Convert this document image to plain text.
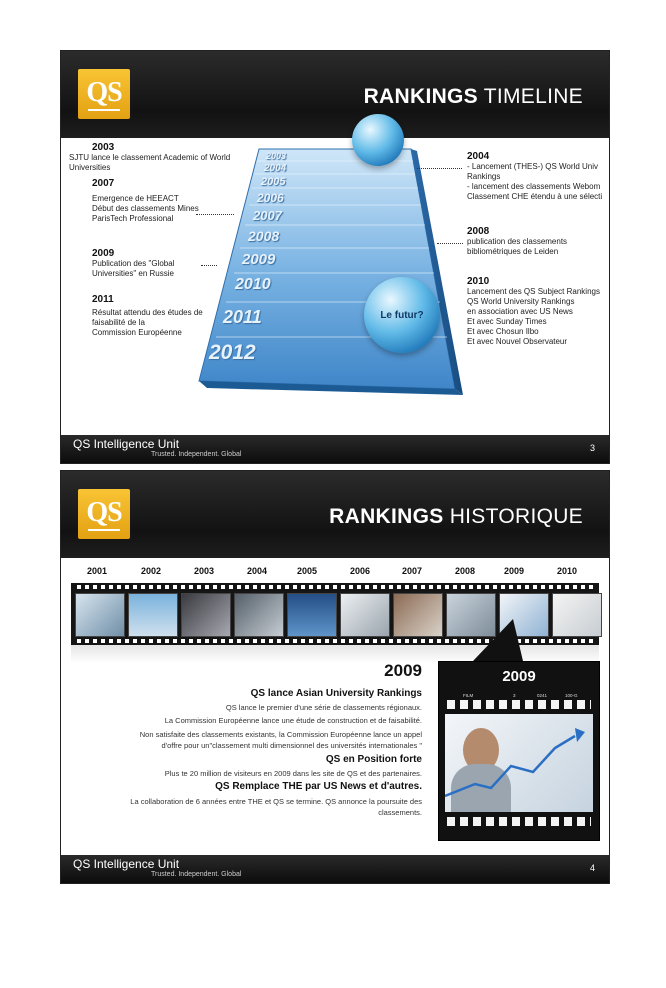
QS	RANKINGS TIMELINE
2003
2004
2005
2006
2007
2008
2009
2010
2011
2012
Le futur?
2003
SJTU lance le classement Academic of World
Universities
2007
Emergence de HEEACT
Début des classements Mines
ParisTech Professional
2009
Publication des "Global
Universities" en Russie
2011
Résultat attendu des études de
faisabilité de la
Commission Européenne
2004
- Lancement (THES-) QS World Univ
Rankings
- lancement des classements Webom
Classement CHE étendu à une sélecti
2008
publication des classements
bibliométriques de Leiden
2010
Lancement des QS Subject Rankings
QS World University Rankings
en association avec US News
Et avec Sunday Times
Et avec Chosun Ilbo
Et avec Nouvel Observateur
QS Intelligence Unit
Trusted. Independent. Global
3
QS	RANKINGS HISTORIQUE
2001	2002	2003	2004	2005	2006	2007	2008	2009	2010
2009
QS lance Asian University Rankings
QS lance le premier d'une série de classements régionaux.
La Commission Européenne lance une étude de construction et de faisabilité.
Non satisfaite des classements existants, la Commission Européenne lance un appel
d'offre pour un"classement multi dimensionnel des universités internationales "
QS en Position forte
Plus te 20 million de visiteurs en 2009 dans les site de QS et des partenaires.
QS Remplace THE par US News et d'autres.
La collaboration de 6 années entre THE et QS se termine. QS annonce la poursuite des
classements.
2009
FILM	3	0241	100-G
QS Intelligence Unit
Trusted. Independent. Global
4
